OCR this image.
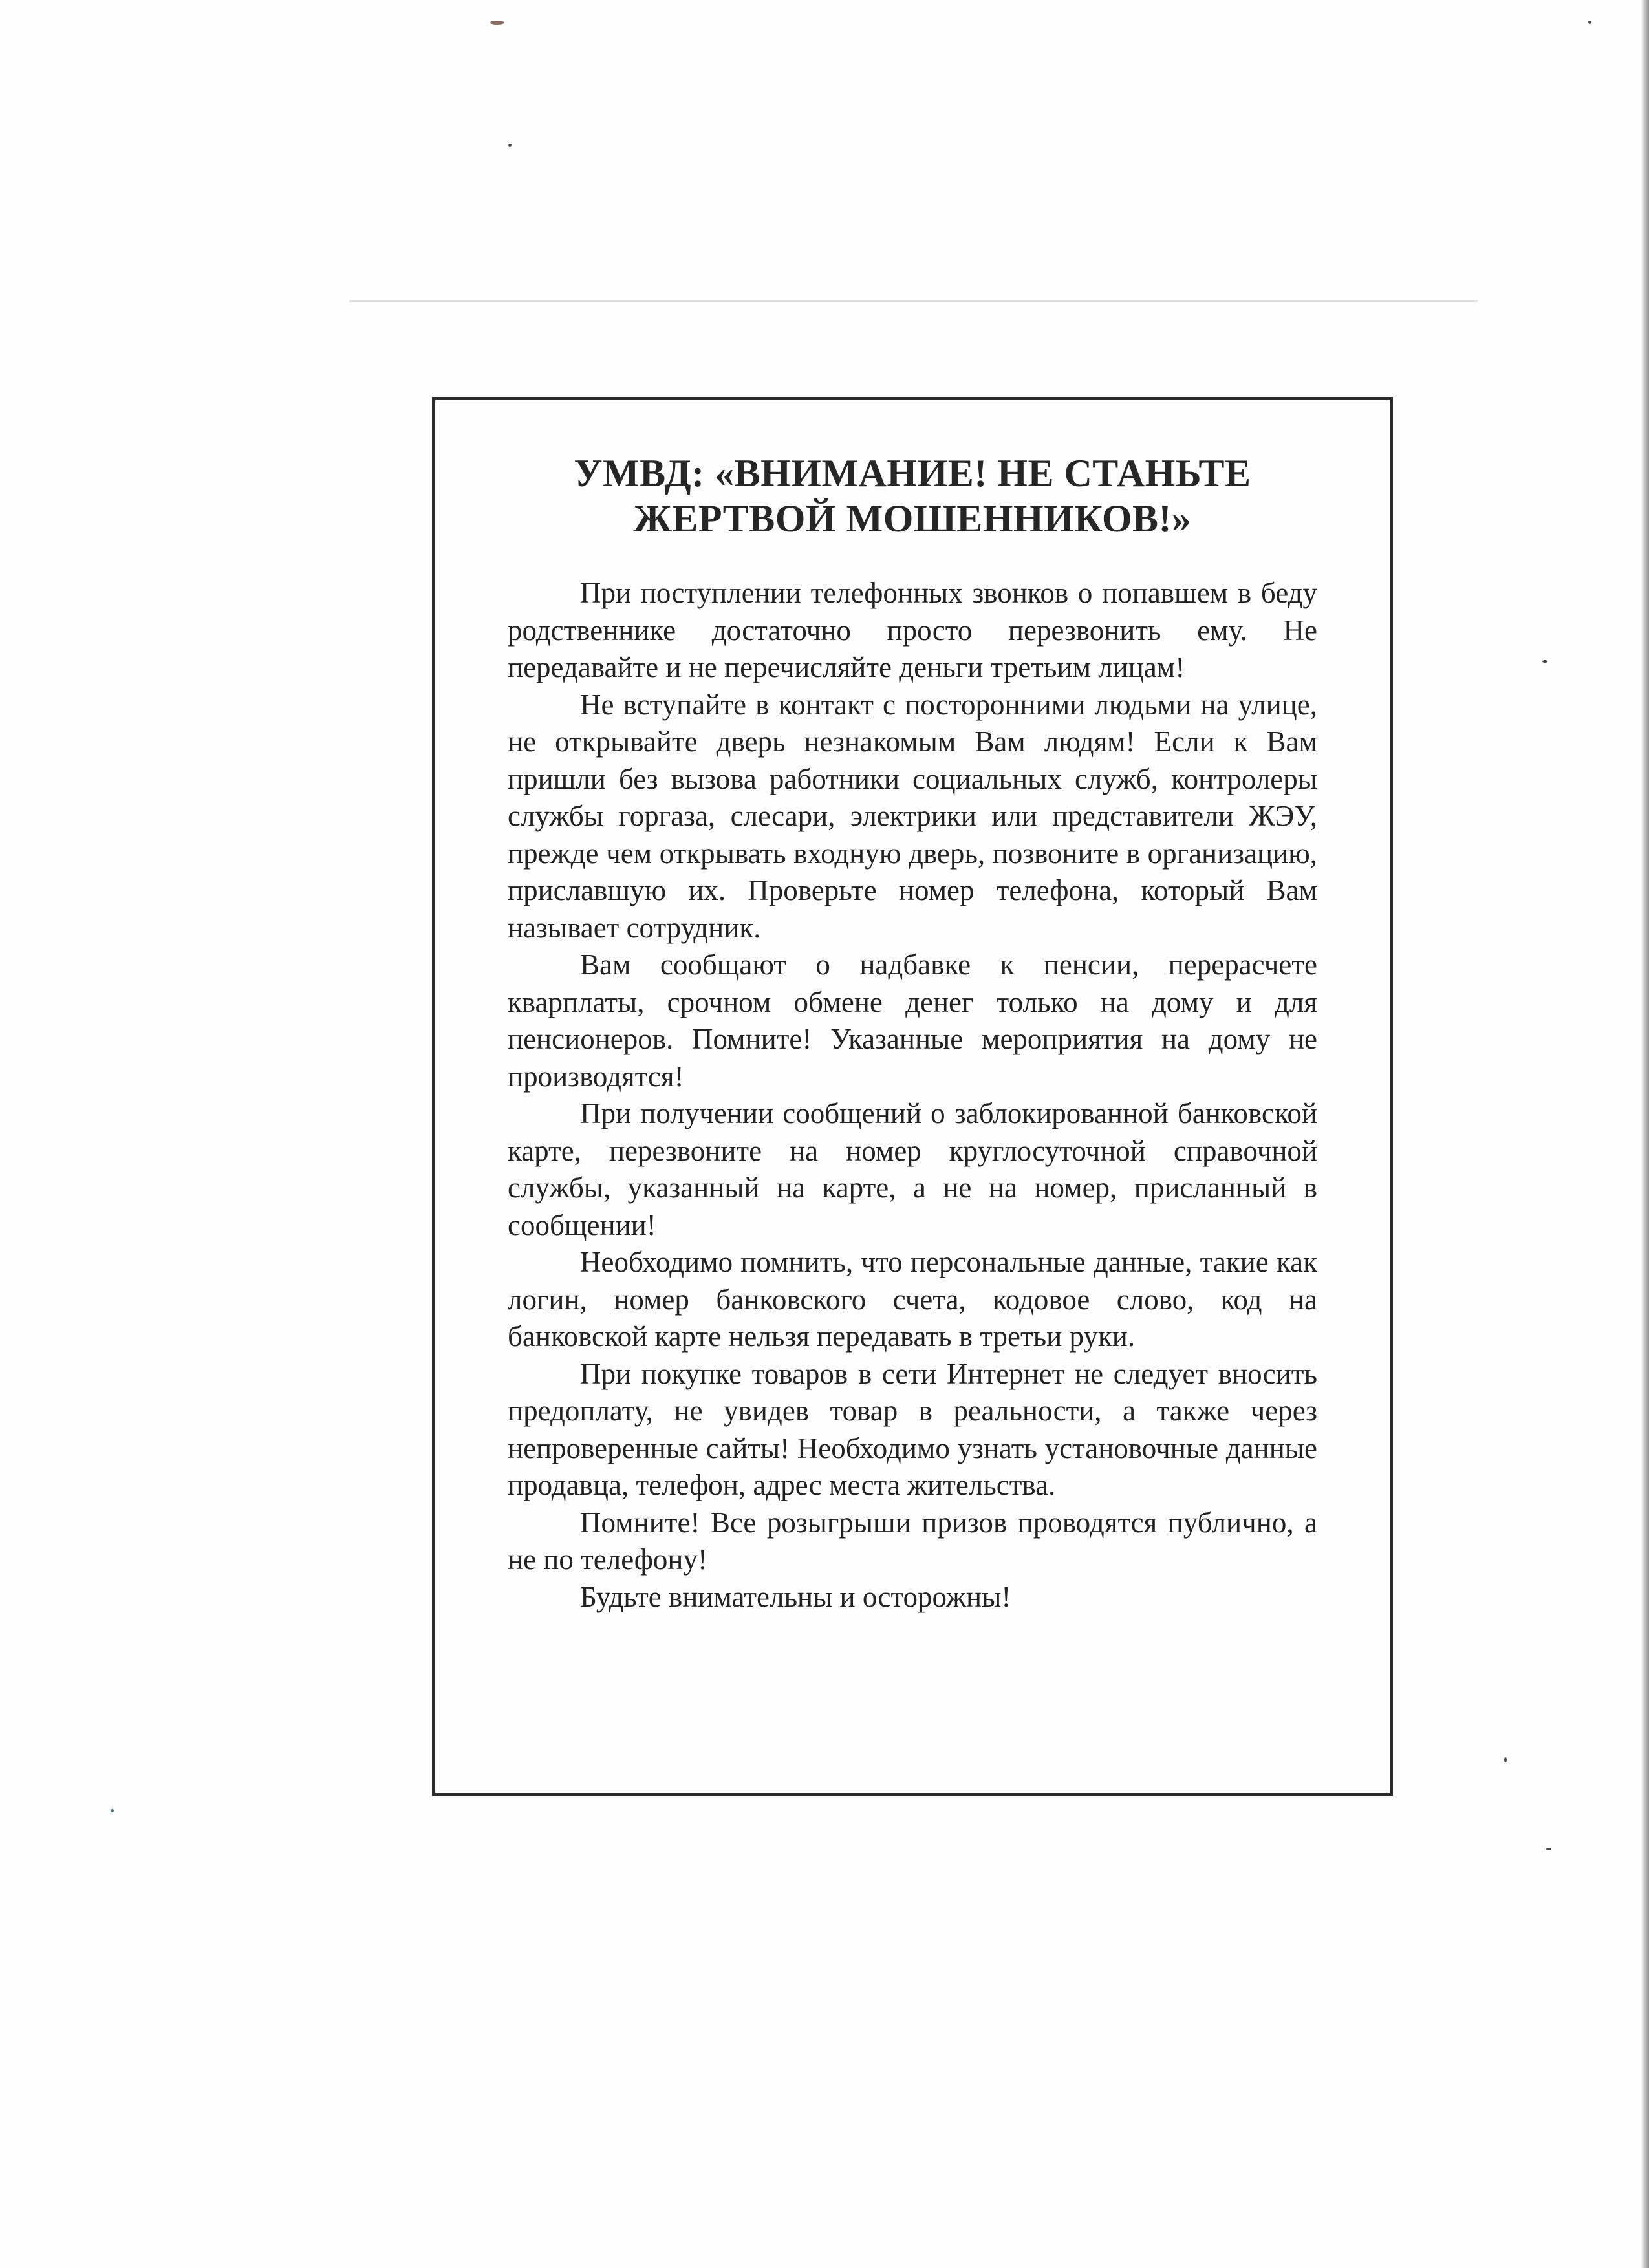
УМВД: «ВНИМАНИЕ! НЕ СТАНЬТЕ
ЖЕРТВОЙ МОШЕННИКОВ!»

При поступлении телефонных звонков о попавшем в беду родственнике достаточно просто перезвонить ему. Не передавайте и не перечисляйте деньги третьим лицам!

Не вступайте в контакт с посторонними людьми на улице, не открывайте дверь незнакомым Вам людям! Если к Вам пришли без вызова работники социальных служб, контролеры службы горгаза, слесари, электрики или представители ЖЭУ, прежде чем открывать входную дверь, позвоните в организацию, приславшую их. Проверьте номер телефона, который Вам называет сотрудник.

Вам сообщают о надбавке к пенсии, перерасчете кварплаты, срочном обмене денег только на дому и для пенсионеров. Помните! Указанные мероприятия на дому не производятся!

При получении сообщений о заблокированной банковской карте, перезвоните на номер круглосуточной справочной службы, указанный на карте, а не на номер, присланный в сообщении!

Необходимо помнить, что персональные данные, такие как логин, номер банковского счета, кодовое слово, код на банковской карте нельзя передавать в третьи руки.

При покупке товаров в сети Интернет не следует вносить предоплату, не увидев товар в реальности, а также через непроверенные сайты! Необходимо узнать установочные данные продавца, телефон, адрес места жительства.

Помните! Все розыгрыши призов проводятся публично, а не по телефону!

Будьте внимательны и осторожны!
